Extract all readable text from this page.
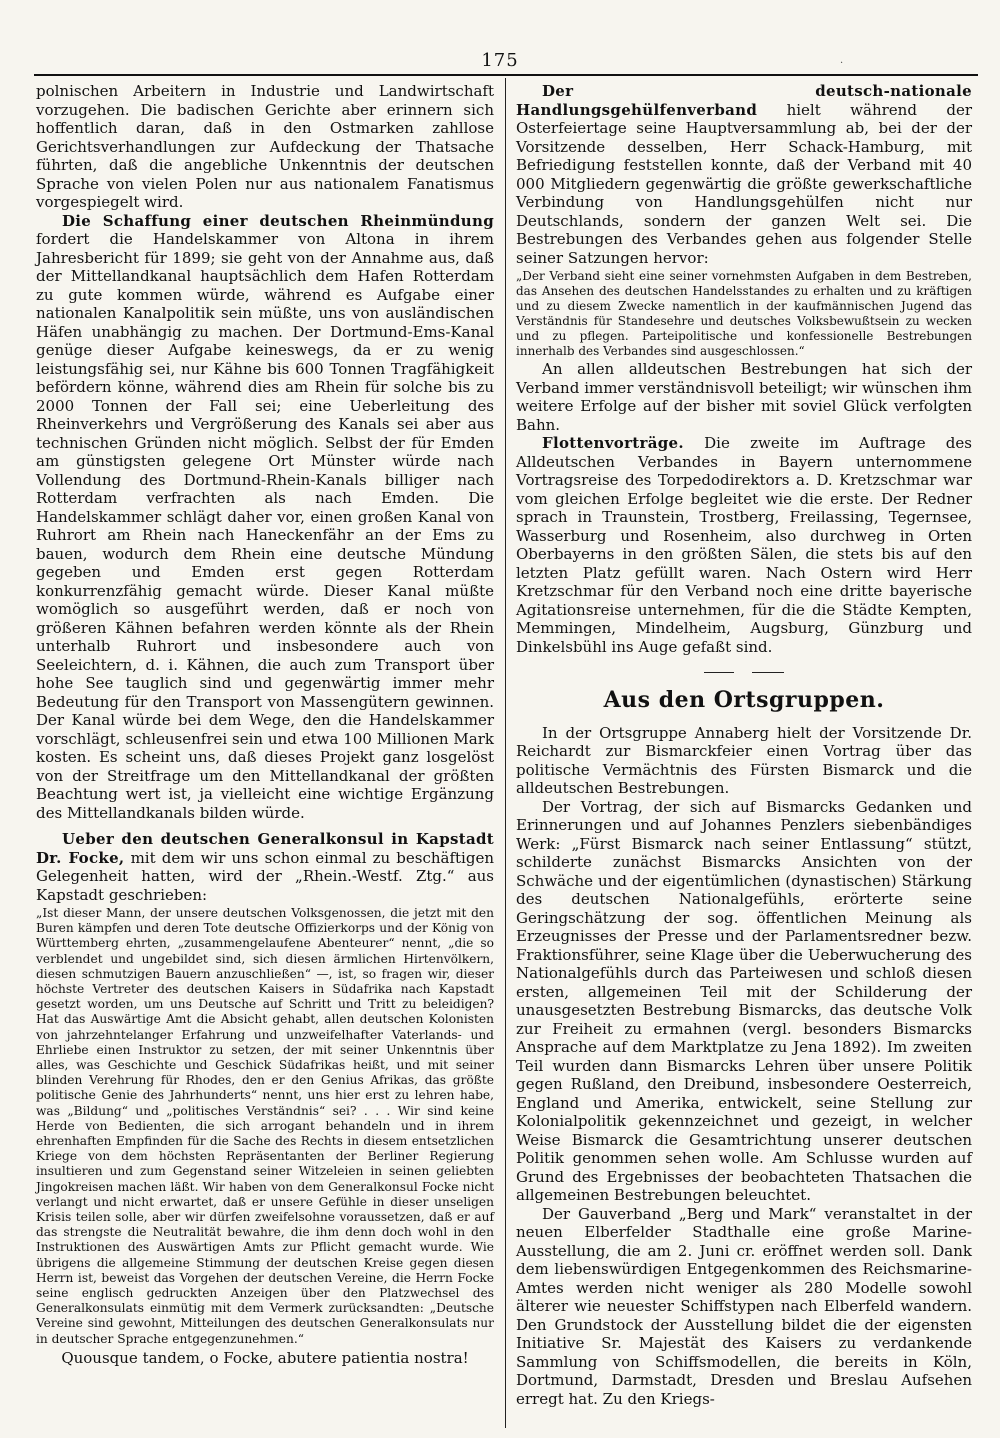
175	·

polnischen Arbeitern in Industrie und Landwirtschaft vorzugehen. Die badischen Gerichte aber erinnern sich hoffentlich daran, daß in den Ostmarken zahllose Gerichtsverhandlungen zur Aufdeckung der Thatsache führten, daß die angebliche Unkenntnis der deutschen Sprache von vielen Polen nur aus nationalem Fanatismus vorgespiegelt wird.

Die Schaffung einer deutschen Rheinmündung fordert die Handelskammer von Altona in ihrem Jahresbericht für 1899; sie geht von der Annahme aus, daß der Mittellandkanal hauptsächlich dem Hafen Rotterdam zu gute kommen würde, während es Aufgabe einer nationalen Kanalpolitik sein müßte, uns von ausländischen Häfen unabhängig zu machen. Der Dortmund-Ems-Kanal genüge dieser Aufgabe keineswegs, da er zu wenig leistungsfähig sei, nur Kähne bis 600 Tonnen Tragfähigkeit befördern könne, während dies am Rhein für solche bis zu 2000 Tonnen der Fall sei; eine Ueberleitung des Rheinverkehrs und Vergrößerung des Kanals sei aber aus technischen Gründen nicht möglich. Selbst der für Emden am günstigsten gelegene Ort Münster würde nach Vollendung des Dortmund-Rhein-Kanals billiger nach Rotterdam verfrachten als nach Emden. Die Handelskammer schlägt daher vor, einen großen Kanal von Ruhrort am Rhein nach Haneckenfähr an der Ems zu bauen, wodurch dem Rhein eine deutsche Mündung gegeben und Emden erst gegen Rotterdam konkurrenzfähig gemacht würde. Dieser Kanal müßte womöglich so ausgeführt werden, daß er noch von größeren Kähnen befahren werden könnte als der Rhein unterhalb Ruhrort und insbesondere auch von Seeleichtern, d. i. Kähnen, die auch zum Transport über hohe See tauglich sind und gegenwärtig immer mehr Bedeutung für den Transport von Massengütern gewinnen. Der Kanal würde bei dem Wege, den die Handelskammer vorschlägt, schleusenfrei sein und etwa 100 Millionen Mark kosten. Es scheint uns, daß dieses Projekt ganz losgelöst von der Streitfrage um den Mittellandkanal der größten Beachtung wert ist, ja vielleicht eine wichtige Ergänzung des Mittellandkanals bilden würde.

Ueber den deutschen Generalkonsul in Kapstadt Dr. Focke, mit dem wir uns schon einmal zu beschäftigen Gelegenheit hatten, wird der „Rhein.-Westf. Ztg.“ aus Kapstadt geschrieben:

„Ist dieser Mann, der unsere deutschen Volksgenossen, die jetzt mit den Buren kämpfen und deren Tote deutsche Offizierkorps und der König von Württemberg ehrten, „zusammengelaufene Abenteurer“ nennt, „die so verblendet und ungebildet sind, sich diesen ärmlichen Hirtenvölkern, diesen schmutzigen Bauern anzuschließen“ —, ist, so fragen wir, dieser höchste Vertreter des deutschen Kaisers in Südafrika nach Kapstadt gesetzt worden, um uns Deutsche auf Schritt und Tritt zu beleidigen? Hat das Auswärtige Amt die Absicht gehabt, allen deutschen Kolonisten von jahrzehntelanger Erfahrung und unzweifelhafter Vaterlands- und Ehrliebe einen Instruktor zu setzen, der mit seiner Unkenntnis über alles, was Geschichte und Geschick Südafrikas heißt, und mit seiner blinden Verehrung für Rhodes, den er den Genius Afrikas, das größte politische Genie des Jahrhunderts“ nennt, uns hier erst zu lehren habe, was „Bildung“ und „politisches Verständnis“ sei? . . . Wir sind keine Herde von Bedienten, die sich arrogant behandeln und in ihrem ehrenhaften Empfinden für die Sache des Rechts in diesem entsetzlichen Kriege von dem höchsten Repräsentanten der Berliner Regierung insultieren und zum Gegenstand seiner Witzeleien in seinen geliebten Jingokreisen machen läßt. Wir haben von dem Generalkonsul Focke nicht verlangt und nicht erwartet, daß er unsere Gefühle in dieser unseligen Krisis teilen solle, aber wir dürfen zweifelsohne voraussetzen, daß er auf das strengste die Neutralität bewahre, die ihm denn doch wohl in den Instruktionen des Auswärtigen Amts zur Pflicht gemacht wurde. Wie übrigens die allgemeine Stimmung der deutschen Kreise gegen diesen Herrn ist, beweist das Vorgehen der deutschen Vereine, die Herrn Focke seine englisch gedruckten Anzeigen über den Platzwechsel des Generalkonsulats einmütig mit dem Vermerk zurücksandten: „Deutsche Vereine sind gewohnt, Mitteilungen des deutschen Generalkonsulats nur in deutscher Sprache entgegenzunehmen.“

Quousque tandem, o Focke, abutere patientia nostra!

Der deutsch-nationale Handlungsgehülfenverband hielt während der Osterfeiertage seine Hauptversammlung ab, bei der der Vorsitzende desselben, Herr Schack-Hamburg, mit Befriedigung feststellen konnte, daß der Verband mit 40 000 Mitgliedern gegenwärtig die größte gewerkschaftliche Verbindung von Handlungsgehülfen nicht nur Deutschlands, sondern der ganzen Welt sei. Die Bestrebungen des Verbandes gehen aus folgender Stelle seiner Satzungen hervor:

„Der Verband sieht eine seiner vornehmsten Aufgaben in dem Bestreben, das Ansehen des deutschen Handelsstandes zu erhalten und zu kräftigen und zu diesem Zwecke namentlich in der kaufmännischen Jugend das Verständnis für Standesehre und deutsches Volksbewußtsein zu wecken und zu pflegen. Parteipolitische und konfessionelle Bestrebungen innerhalb des Verbandes sind ausgeschlossen.“

An allen alldeutschen Bestrebungen hat sich der Verband immer verständnisvoll beteiligt; wir wünschen ihm weitere Erfolge auf der bisher mit soviel Glück verfolgten Bahn.

Flottenvorträge. Die zweite im Auftrage des Alldeutschen Verbandes in Bayern unternommene Vortragsreise des Torpedodirektors a. D. Kretzschmar war vom gleichen Erfolge begleitet wie die erste. Der Redner sprach in Traunstein, Trostberg, Freilassing, Tegernsee, Wasserburg und Rosenheim, also durchweg in Orten Oberbayerns in den größten Sälen, die stets bis auf den letzten Platz gefüllt waren. Nach Ostern wird Herr Kretzschmar für den Verband noch eine dritte bayerische Agitationsreise unternehmen, für die die Städte Kempten, Memmingen, Mindelheim, Augsburg, Günzburg und Dinkelsbühl ins Auge gefaßt sind.

Aus den Ortsgruppen.

In der Ortsgruppe Annaberg hielt der Vorsitzende Dr. Reichardt zur Bismarckfeier einen Vortrag über das politische Vermächtnis des Fürsten Bismarck und die alldeutschen Bestrebungen.

Der Vortrag, der sich auf Bismarcks Gedanken und Erinnerungen und auf Johannes Penzlers siebenbändiges Werk: „Fürst Bismarck nach seiner Entlassung“ stützt, schilderte zunächst Bismarcks Ansichten von der Schwäche und der eigentümlichen (dynastischen) Stärkung des deutschen Nationalgefühls, erörterte seine Geringschätzung der sog. öffentlichen Meinung als Erzeugnisses der Presse und der Parlamentsredner bezw. Fraktionsführer, seine Klage über die Ueberwucherung des Nationalgefühls durch das Parteiwesen und schloß diesen ersten, allgemeinen Teil mit der Schilderung der unausgesetzten Bestrebung Bismarcks, das deutsche Volk zur Freiheit zu ermahnen (vergl. besonders Bismarcks Ansprache auf dem Marktplatze zu Jena 1892). Im zweiten Teil wurden dann Bismarcks Lehren über unsere Politik gegen Rußland, den Dreibund, insbesondere Oesterreich, England und Amerika, entwickelt, seine Stellung zur Kolonialpolitik gekennzeichnet und gezeigt, in welcher Weise Bismarck die Gesamtrichtung unserer deutschen Politik genommen sehen wolle. Am Schlusse wurden auf Grund des Ergebnisses der beobachteten Thatsachen die allgemeinen Bestrebungen beleuchtet.

Der Gauverband „Berg und Mark“ veranstaltet in der neuen Elberfelder Stadthalle eine große Marine-Ausstellung, die am 2. Juni cr. eröffnet werden soll. Dank dem liebenswürdigen Entgegenkommen des Reichsmarine-Amtes werden nicht weniger als 280 Modelle sowohl älterer wie neuester Schiffstypen nach Elberfeld wandern. Den Grundstock der Ausstellung bildet die der eigensten Initiative Sr. Majestät des Kaisers zu verdankende Sammlung von Schiffsmodellen, die bereits in Köln, Dortmund, Darmstadt, Dresden und Breslau Aufsehen erregt hat. Zu den Kriegs-
